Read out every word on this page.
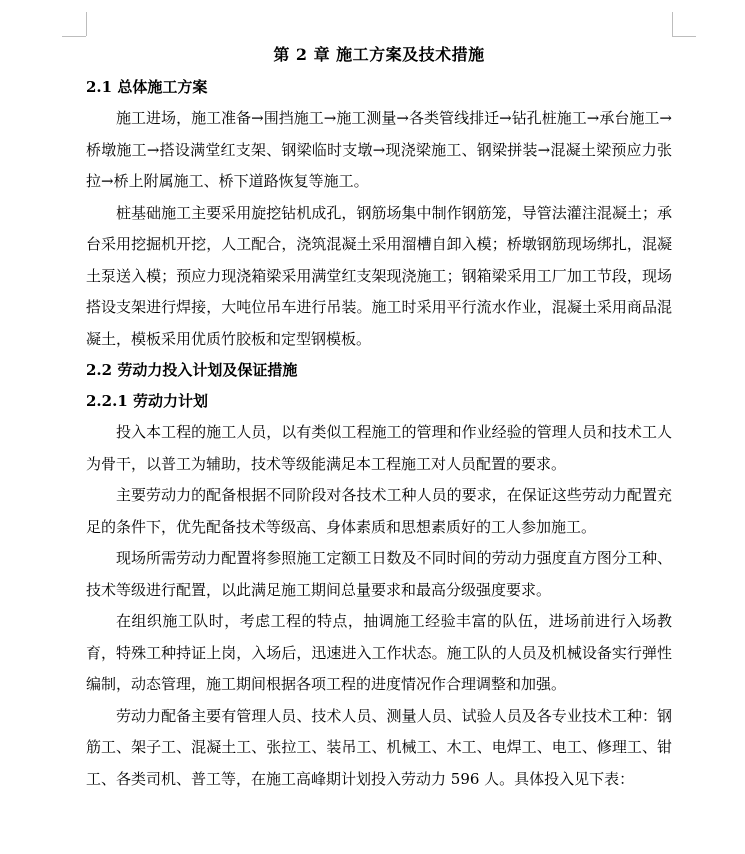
第 2 章 施工方案及技术措施
2.1 总体施工方案

施工进场，施工准备→围挡施工→施工测量→各类管线排迁→钻孔桩施工→承台施工→桥墩施工→搭设满堂红支架、钢梁临时支墩→现浇梁施工、钢梁拼装→混凝土梁预应力张拉→桥上附属施工、桥下道路恢复等施工。

桩基础施工主要采用旋挖钻机成孔，钢筋场集中制作钢筋笼，导管法灌注混凝土；承台采用挖掘机开挖，人工配合，浇筑混凝土采用溜槽自卸入模；桥墩钢筋现场绑扎，混凝土泵送入模；预应力现浇箱梁采用满堂红支架现浇施工；钢箱梁采用工厂加工节段，现场搭设支架进行焊接，大吨位吊车进行吊装。施工时采用平行流水作业，混凝土采用商品混凝土，模板采用优质竹胶板和定型钢模板。

2.2 劳动力投入计划及保证措施
2.2.1 劳动力计划

投入本工程的施工人员，以有类似工程施工的管理和作业经验的管理人员和技术工人为骨干，以普工为辅助，技术等级能满足本工程施工对人员配置的要求。

主要劳动力的配备根据不同阶段对各技术工种人员的要求，在保证这些劳动力配置充足的条件下，优先配备技术等级高、身体素质和思想素质好的工人参加施工。

现场所需劳动力配置将参照施工定额工日数及不同时间的劳动力强度直方图分工种、技术等级进行配置，以此满足施工期间总量要求和最高分级强度要求。

在组织施工队时，考虑工程的特点，抽调施工经验丰富的队伍，进场前进行入场教育，特殊工种持证上岗，入场后，迅速进入工作状态。施工队的人员及机械设备实行弹性编制，动态管理，施工期间根据各项工程的进度情况作合理调整和加强。

劳动力配备主要有管理人员、技术人员、测量人员、试验人员及各专业技术工种：钢筋工、架子工、混凝土工、张拉工、装吊工、机械工、木工、电焊工、电工、修理工、钳工、各类司机、普工等，在施工高峰期计划投入劳动力 596 人。具体投入见下表：
